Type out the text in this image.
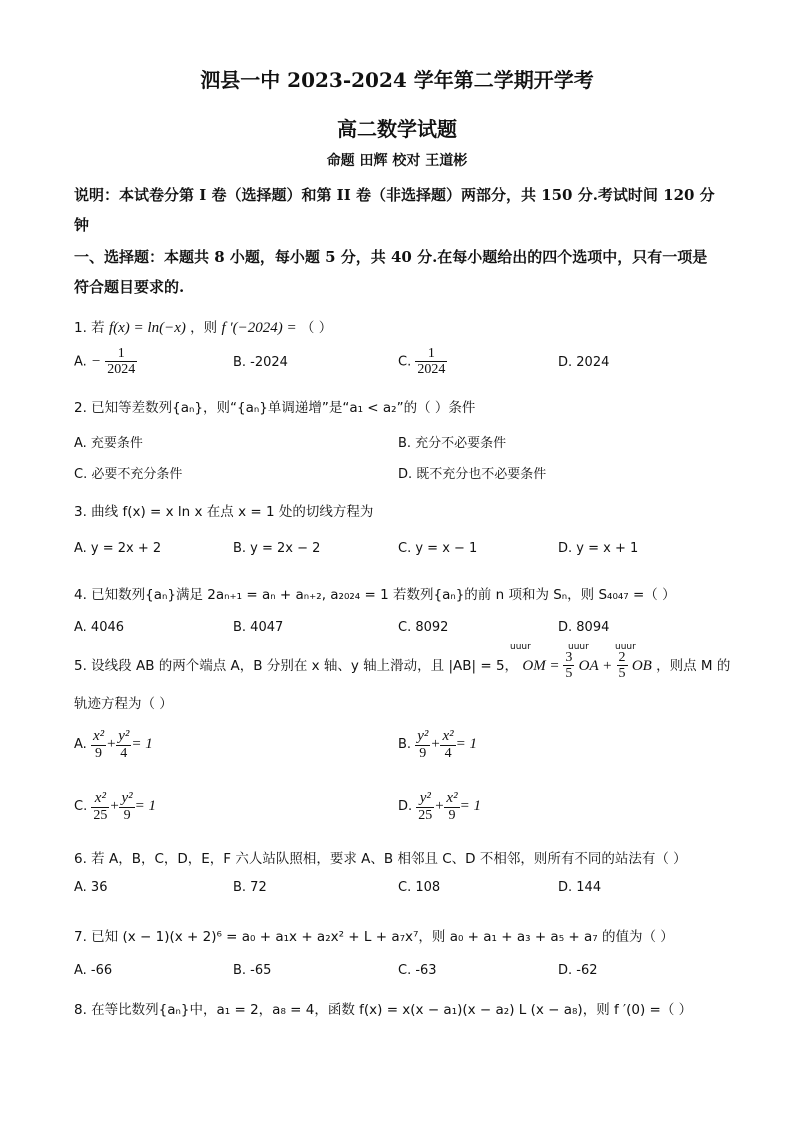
泗县一中 2023-2024 学年第二学期开学考
高二数学试题
命题 田辉 校对 王道彬
说明：本试卷分第 I 卷（选择题）和第 II 卷（非选择题）两部分，共 150 分.考试时间 120 分
钟
一、选择题：本题共 8 小题，每小题 5 分，共 40 分.在每小题给出的四个选项中，只有一项是
符合题目要求的.
1. 若 f(x) = ln(−x) ，则 f ′(−2024) = （ ）
A. − $\frac{1}{2024}$	B. -2024	C. $\frac{1}{2024}$	D. 2024
2. 已知等差数列{aₙ}，则“{aₙ}单调递增”是“a₁ < a₂”的（ ）条件
A. 充要条件	B. 充分不必要条件
C. 必要不充分条件	D. 既不充分也不必要条件
3. 曲线 f(x) = x ln x 在点 x = 1 处的切线方程为
A. y = 2x + 2	B. y = 2x − 2	C. y = x − 1	D. y = x + 1
4. 已知数列{aₙ}满足 2aₙ₊₁ = aₙ + aₙ₊₂, a₂₀₂₄ = 1 若数列{aₙ}的前 n 项和为 Sₙ，则 S₄₀₄₇ =（ ）
A. 4046	B. 4047	C. 8092	D. 8094
5. 设线段 AB 的两个端点 A，B 分别在 x 轴、y 轴上滑动，且 |AB| = 5， OM = $\frac{3}{5}$ OA + $\frac{2}{5}$ OB ，则点 M 的
uuur	uuur	uuur
轨迹方程为（ ）
A. $\frac{\text{x²}}{9} + \frac{\text{y²}}{4} = 1$	B. $\frac{\text{y²}}{9} + \frac{\text{x²}}{4} = 1$
C. $\frac{\text{x²}}{25} + \frac{\text{y²}}{9} = 1$	D. $\frac{\text{y²}}{25} + \frac{\text{x²}}{9} = 1$
6. 若 A，B，C，D，E，F 六人站队照相，要求 A、B 相邻且 C、D 不相邻，则所有不同的站法有（ ）
A. 36	B. 72	C. 108	D. 144
7. 已知 (x − 1)(x + 2)⁶ = a₀ + a₁x + a₂x² + L + a₇x⁷，则 a₀ + a₁ + a₃ + a₅ + a₇ 的值为（ ）
A. -66	B. -65	C. -63	D. -62
8. 在等比数列{aₙ}中，a₁ = 2，a₈ = 4，函数 f(x) = x(x − a₁)(x − a₂) L (x − a₈)，则 f ′(0) =（ ）
